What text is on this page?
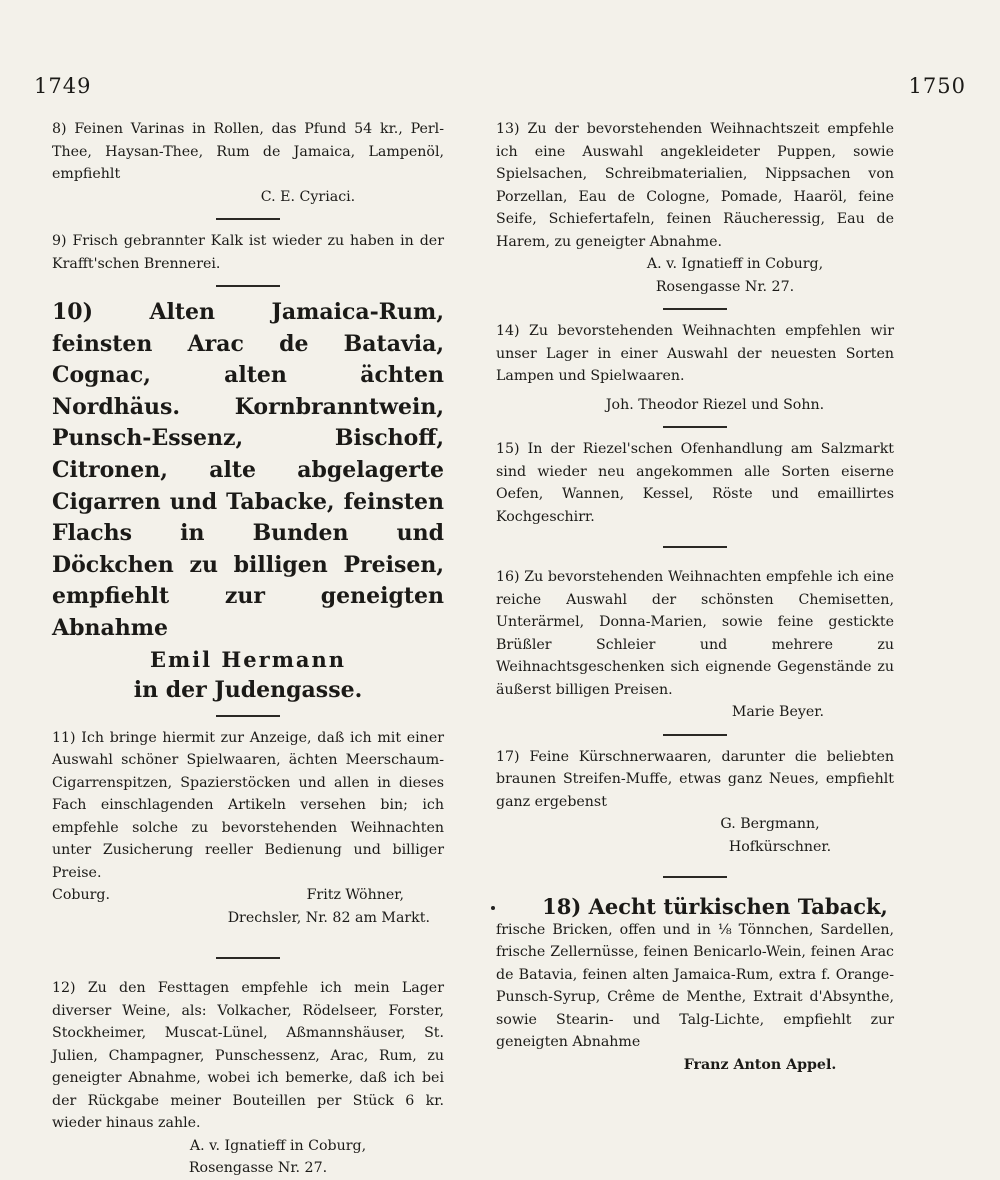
1749	1750

8) Feinen Varinas in Rollen, das Pfund 54 kr., Perl-Thee, Haysan-Thee, Rum de Jamaica, Lampenöl, empfiehlt

C. E. Cyriaci.

9) Frisch gebrannter Kalk ist wieder zu haben in der Krafft'schen Brennerei.

10) Alten Jamaica-Rum, feinsten Arac de Batavia, Cognac, alten ächten Nordhäus. Kornbranntwein, Punsch-Essenz, Bischoff, Citronen, alte abgelagerte Cigarren und Tabacke, feinsten Flachs in Bunden und Döckchen zu billigen Preisen, empfiehlt zur geneigten Abnahme

Emil Hermann

in der Judengasse.

11) Ich bringe hiermit zur Anzeige, daß ich mit einer Auswahl schöner Spielwaaren, ächten Meerschaum-Cigarrenspitzen, Spazierstöcken und allen in dieses Fach einschlagenden Artikeln versehen bin; ich empfehle solche zu bevorstehenden Weihnachten unter Zusicherung reeller Bedienung und billiger Preise.

Coburg.	Fritz Wöhner,

Drechsler, Nr. 82 am Markt.

12) Zu den Festtagen empfehle ich mein Lager diverser Weine, als: Volkacher, Rödelseer, Forster, Stockheimer, Muscat-Lünel, Aßmannshäuser, St. Julien, Champagner, Punschessenz, Arac, Rum, zu geneigter Abnahme, wobei ich bemerke, daß ich bei der Rückgabe meiner Bouteillen per Stück 6 kr. wieder hinaus zahle.

A. v. Ignatieff in Coburg,

Rosengasse Nr. 27.

13) Zu der bevorstehenden Weihnachtszeit empfehle ich eine Auswahl angekleideter Puppen, sowie Spielsachen, Schreibmaterialien, Nippsachen von Porzellan, Eau de Cologne, Pomade, Haaröl, feine Seife, Schiefertafeln, feinen Räucheressig, Eau de Harem, zu geneigter Abnahme.

A. v. Ignatieff in Coburg,

Rosengasse Nr. 27.

14) Zu bevorstehenden Weihnachten empfehlen wir unser Lager in einer Auswahl der neuesten Sorten Lampen und Spielwaaren.

Joh. Theodor Riezel und Sohn.

15) In der Riezel'schen Ofenhandlung am Salzmarkt sind wieder neu angekommen alle Sorten eiserne Oefen, Wannen, Kessel, Röste und emaillirtes Kochgeschirr.

16) Zu bevorstehenden Weihnachten empfehle ich eine reiche Auswahl der schönsten Chemisetten, Unterärmel, Donna-Marien, sowie feine gestickte Brüßler Schleier und mehrere zu Weihnachtsgeschenken sich eignende Gegenstände zu äußerst billigen Preisen.

Marie Beyer.

17) Feine Kürschnerwaaren, darunter die beliebten braunen Streifen-Muffe, etwas ganz Neues, empfiehlt ganz ergebenst

G. Bergmann,

Hofkürschner.

18) Aecht türkischen Taback,

frische Bricken, offen und in ⅛ Tönnchen, Sardellen, frische Zellernüsse, feinen Benicarlo-Wein, feinen Arac de Batavia, feinen alten Jamaica-Rum, extra f. Orange-Punsch-Syrup, Crême de Menthe, Extrait d'Absynthe, sowie Stearin- und Talg-Lichte, empfiehlt zur geneigten Abnahme

Franz Anton Appel.
